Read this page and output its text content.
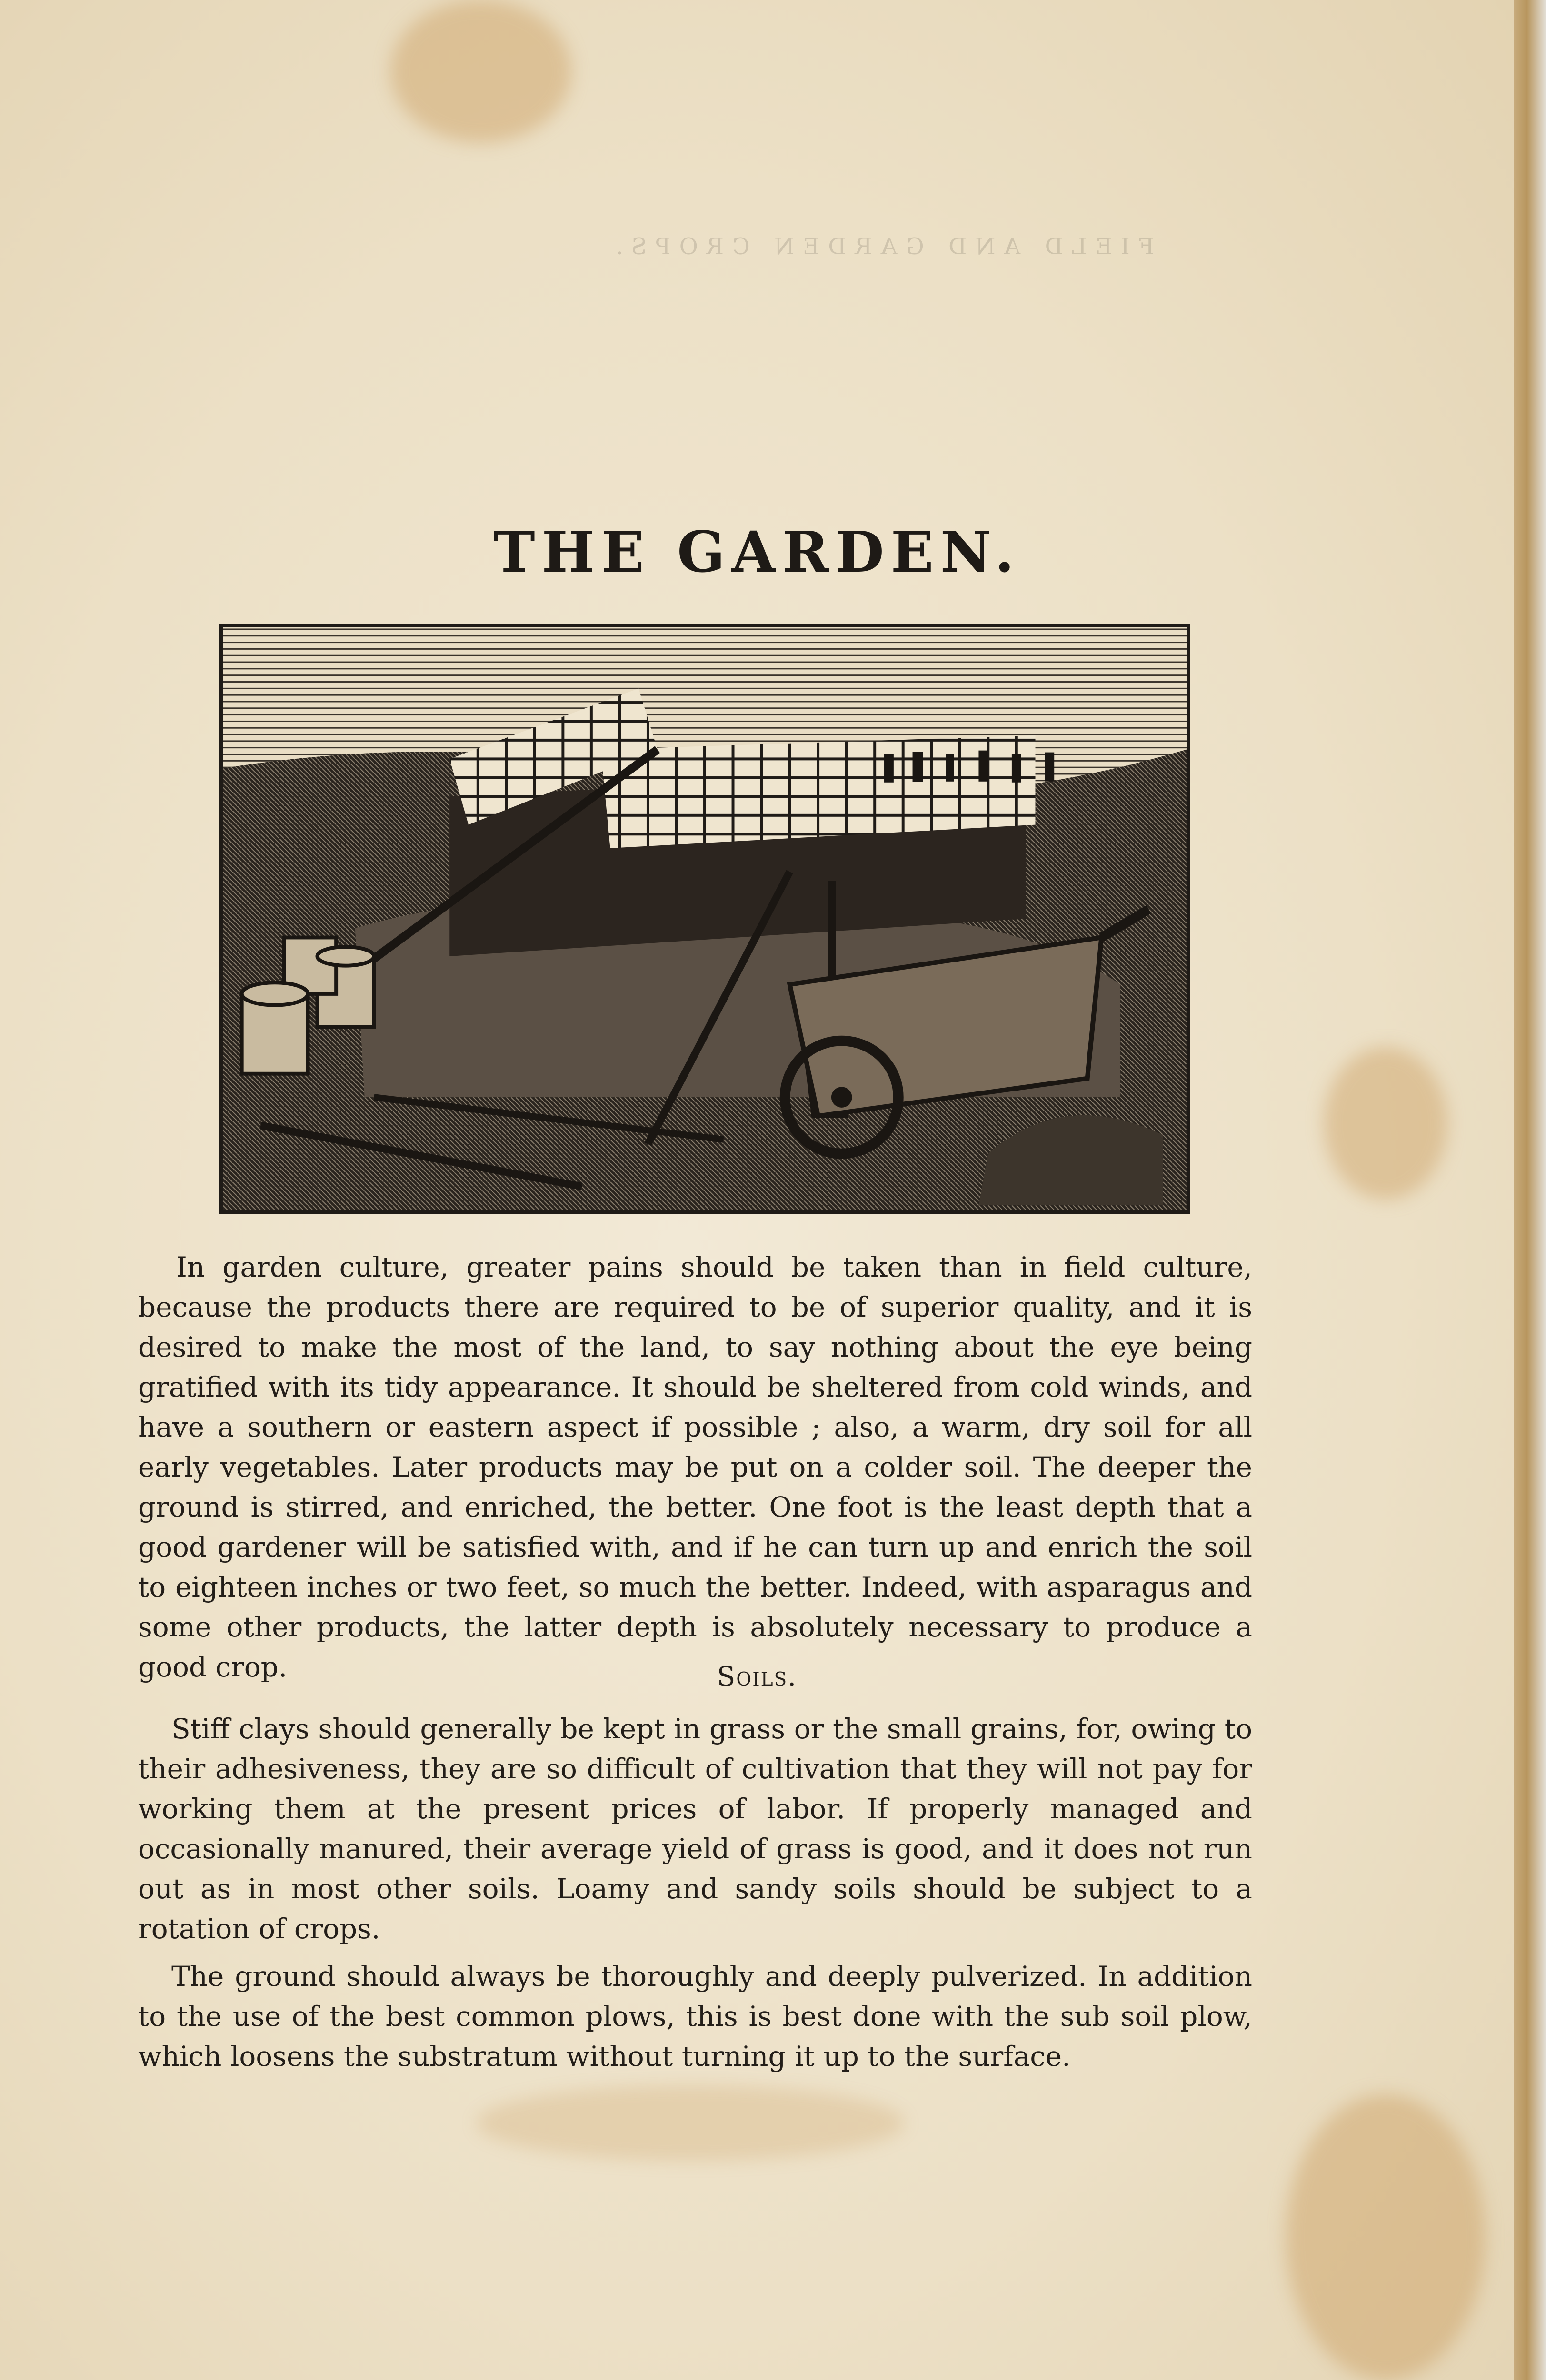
FIELD AND GARDEN CROPS.
THE GARDEN.

In garden culture, greater pains should be taken than in field culture, because the products there are required to be of superior quality, and it is desired to make the most of the land, to say nothing about the eye being gratified with its tidy appearance. It should be sheltered from cold winds, and have a southern or eastern aspect if possible ; also, a warm, dry soil for all early vegetables. Later products may be put on a colder soil. The deeper the ground is stirred, and enriched, the better. One foot is the least depth that a good gardener will be satisfied with, and if he can turn up and enrich the soil to eighteen inches or two feet, so much the better. Indeed, with asparagus and some other products, the latter depth is absolutely necessary to produce a good crop.	Soils.

Stiff clays should generally be kept in grass or the small grains, for, owing to their adhesiveness, they are so difficult of cultivation that they will not pay for working them at the present prices of labor. If properly managed and occasionally manured, their average yield of grass is good, and it does not run out as in most other soils. Loamy and sandy soils should be subject to a rotation of crops.

The ground should always be thoroughly and deeply pulverized. In addition to the use of the best common plows, this is best done with the sub soil plow, which loosens the substratum without turning it up to the surface.
